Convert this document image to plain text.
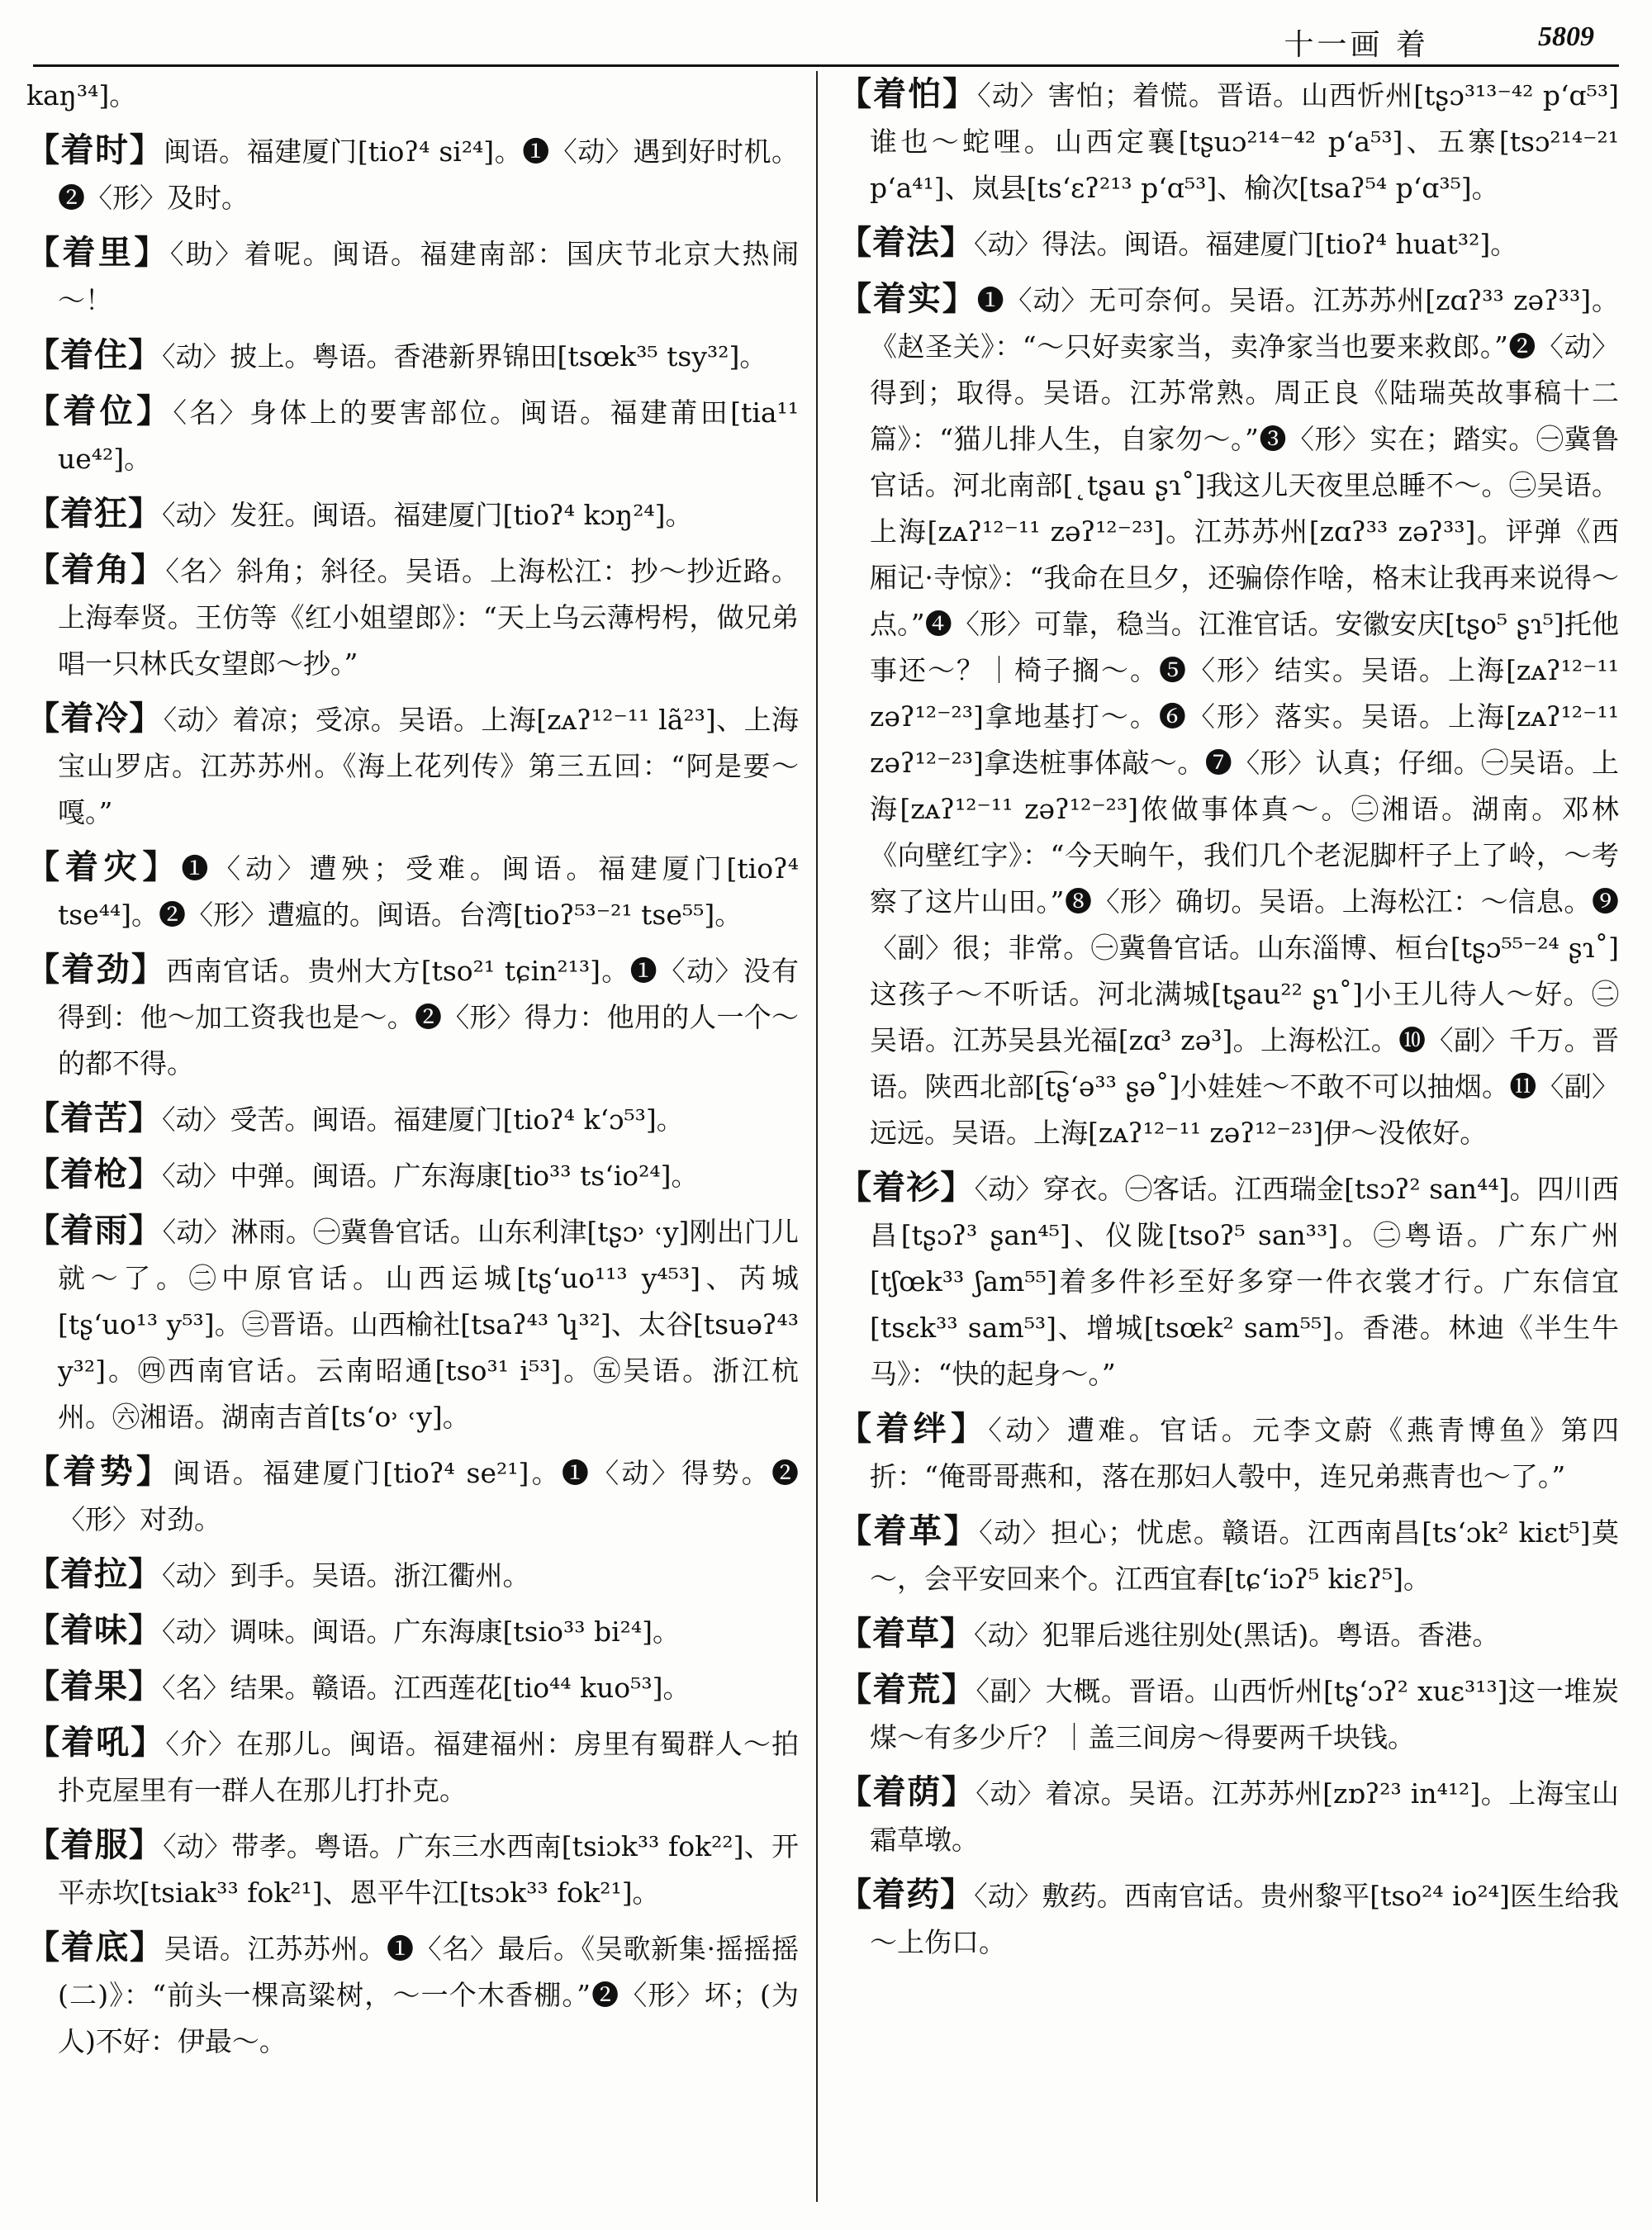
十一画 着	5809

kaŋ³⁴]。

【着时】闽语。福建厦门[tioʔ⁴ si²⁴]。❶〈动〉遇到好时机。❷〈形〉及时。

【着里】〈助〉着呢。闽语。福建南部：国庆节北京大热闹～！

【着住】〈动〉披上。粤语。香港新界锦田[tsœk³⁵ tsy³²]。

【着位】〈名〉身体上的要害部位。闽语。福建莆田[tia¹¹ ue⁴²]。

【着狂】〈动〉发狂。闽语。福建厦门[tioʔ⁴ kɔŋ²⁴]。

【着角】〈名〉斜角；斜径。吴语。上海松江：抄～抄近路。上海奉贤。王仿等《红小姐望郎》：“天上乌云薄枵枵，做兄弟唱一只林氏女望郎～抄。”

【着冷】〈动〉着凉；受凉。吴语。上海[zᴀʔ¹²⁻¹¹ lã²³]、上海宝山罗店。江苏苏州。《海上花列传》第三五回：“阿是要～嘎。”

【着灾】❶〈动〉遭殃；受难。闽语。福建厦门[tioʔ⁴ tse⁴⁴]。❷〈形〉遭瘟的。闽语。台湾[tioʔ⁵³⁻²¹ tse⁵⁵]。

【着劲】西南官话。贵州大方[tso²¹ tɕin²¹³]。❶〈动〉没有得到：他～加工资我也是～。❷〈形〉得力：他用的人一个～的都不得。

【着苦】〈动〉受苦。闽语。福建厦门[tioʔ⁴ kʻɔ⁵³]。

【着枪】〈动〉中弹。闽语。广东海康[tio³³ tsʻio²⁴]。

【着雨】〈动〉淋雨。㊀冀鲁官话。山东利津[tʂɔ˒ ˓y]刚出门儿就～了。㊁中原官话。山西运城[tʂʻuo¹¹³ y⁴⁵³]、芮城[tʂʻuo¹³ y⁵³]。㊂晋语。山西榆社[tsaʔ⁴³ ʮ³²]、太谷[tsuəʔ⁴³ y³²]。㊃西南官话。云南昭通[tso³¹ i⁵³]。㊄吴语。浙江杭州。㊅湘语。湖南吉首[tsʻo˒ ˓y]。

【着势】闽语。福建厦门[tioʔ⁴ se²¹]。❶〈动〉得势。❷〈形〉对劲。

【着拉】〈动〉到手。吴语。浙江衢州。

【着味】〈动〉调味。闽语。广东海康[tsio³³ bi²⁴]。

【着果】〈名〉结果。赣语。江西莲花[tio⁴⁴ kuo⁵³]。

【着吼】〈介〉在那儿。闽语。福建福州：房里有蜀群人～拍扑克屋里有一群人在那儿打扑克。

【着服】〈动〉带孝。粤语。广东三水西南[tsiɔk³³ fok²²]、开平赤坎[tsiak³³ fok²¹]、恩平牛江[tsɔk³³ fok²¹]。

【着底】吴语。江苏苏州。❶〈名〉最后。《吴歌新集·摇摇摇(二)》：“前头一棵高粱树，～一个木香棚。”❷〈形〉坏；(为人)不好：伊最～。

【着怕】〈动〉害怕；着慌。晋语。山西忻州[tʂɔ³¹³⁻⁴² pʻɑ⁵³]谁也～蛇哩。山西定襄[tʂuɔ²¹⁴⁻⁴² pʻa⁵³]、五寨[tsɔ²¹⁴⁻²¹ pʻa⁴¹]、岚县[tsʻɛʔ²¹³ pʻɑ⁵³]、榆次[tsaʔ⁵⁴ pʻɑ³⁵]。

【着法】〈动〉得法。闽语。福建厦门[tioʔ⁴ huat³²]。

【着实】❶〈动〉无可奈何。吴语。江苏苏州[zɑʔ³³ zəʔ³³]。《赵圣关》：“～只好卖家当，卖净家当也要来救郎。”❷〈动〉得到；取得。吴语。江苏常熟。周正良《陆瑞英故事稿十二篇》：“猫儿排人生，自家勿～。”❸〈形〉实在；踏实。㊀冀鲁官话。河北南部[˛tʂau ʂɿ˚]我这儿天夜里总睡不～。㊁吴语。上海[zᴀʔ¹²⁻¹¹ zəʔ¹²⁻²³]。江苏苏州[zɑʔ³³ zəʔ³³]。评弹《西厢记·寺惊》：“我命在旦夕，还骗倷作啥，格末让我再来说得～点。”❹〈形〉可靠，稳当。江淮官话。安徽安庆[tʂo⁵ ʂɿ⁵]托他事还～？｜椅子搁～。❺〈形〉结实。吴语。上海[zᴀʔ¹²⁻¹¹ zəʔ¹²⁻²³]拿地基打～。❻〈形〉落实。吴语。上海[zᴀʔ¹²⁻¹¹ zəʔ¹²⁻²³]拿迭桩事体敲～。❼〈形〉认真；仔细。㊀吴语。上海[zᴀʔ¹²⁻¹¹ zəʔ¹²⁻²³]侬做事体真～。㊁湘语。湖南。邓林《向壁红字》：“今天晌午，我们几个老泥脚杆子上了岭，～考察了这片山田。”❽〈形〉确切。吴语。上海松江：～信息。❾〈副〉很；非常。㊀冀鲁官话。山东淄博、桓台[tʂɔ⁵⁵⁻²⁴ ʂɿ˚]这孩子～不听话。河北满城[tʂau²² ʂɿ˚]小王儿待人～好。㊁吴语。江苏吴县光福[zɑ³ zə³]。上海松江。❿〈副〉千万。晋语。陕西北部[t͡ʂʻə³³ ʂə˚]小娃娃～不敢不可以抽烟。⓫〈副〉远远。吴语。上海[zᴀʔ¹²⁻¹¹ zəʔ¹²⁻²³]伊～没侬好。

【着衫】〈动〉穿衣。㊀客话。江西瑞金[tsɔʔ² san⁴⁴]。四川西昌[tʂɔʔ³ ʂan⁴⁵]、仪陇[tsoʔ⁵ san³³]。㊁粤语。广东广州[tʃœk³³ ʃam⁵⁵]着多件衫至好多穿一件衣裳才行。广东信宜[tsɛk³³ sam⁵³]、增城[tsœk² sam⁵⁵]。香港。林迪《半生牛马》：“快的起身～。”

【着绊】〈动〉遭难。官话。元李文蔚《燕青博鱼》第四折：“俺哥哥燕和，落在那妇人彀中，连兄弟燕青也～了。”

【着革】〈动〉担心；忧虑。赣语。江西南昌[tsʻɔk² kiɛt⁵]莫～，会平安回来个。江西宜春[tɕʻiɔʔ⁵ kiɛʔ⁵]。

【着草】〈动〉犯罪后逃往别处(黑话)。粤语。香港。

【着荒】〈副〉大概。晋语。山西忻州[tʂʻɔʔ² xuɛ³¹³]这一堆炭煤～有多少斤？｜盖三间房～得要两千块钱。

【着荫】〈动〉着凉。吴语。江苏苏州[zɒʔ²³ in⁴¹²]。上海宝山霜草墩。

【着药】〈动〉敷药。西南官话。贵州黎平[tso²⁴ io²⁴]医生给我～上伤口。
